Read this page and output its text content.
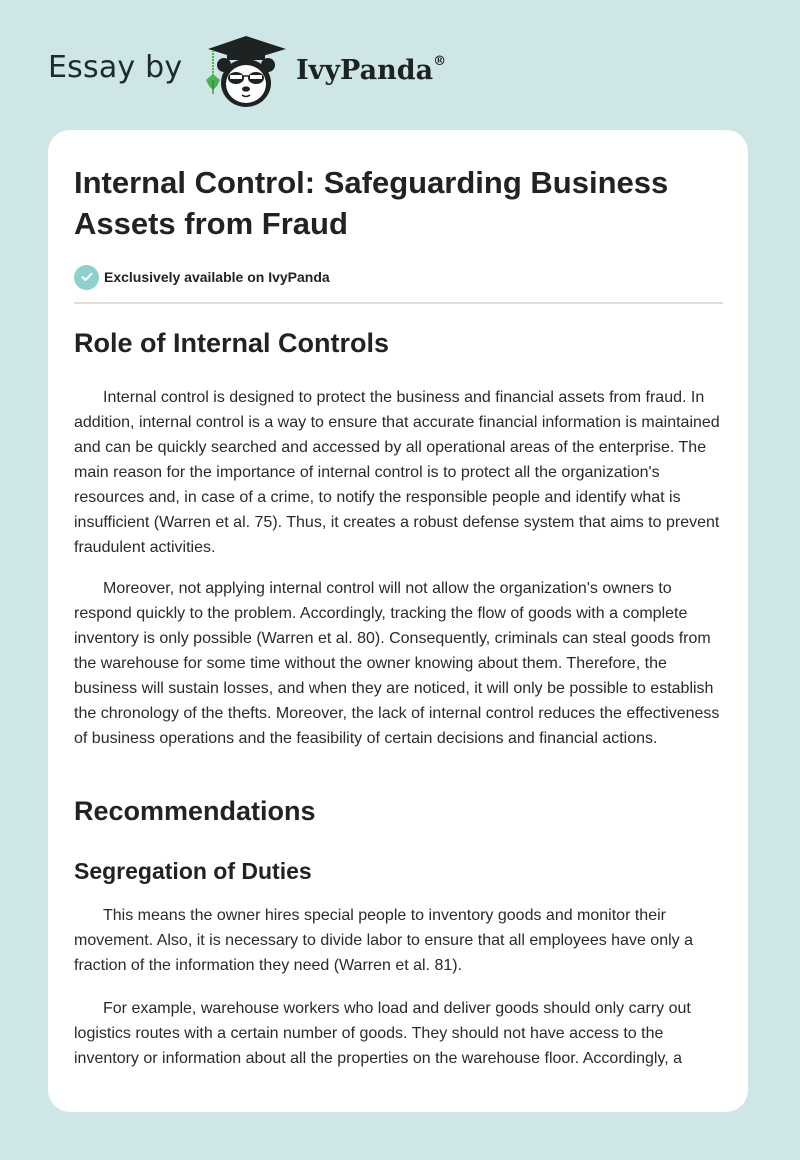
Essay by	IvyPanda®
Internal Control: Safeguarding Business Assets from Fraud
Exclusively available on IvyPanda
Role of Internal Controls

Internal control is designed to protect the business and financial assets from fraud. In addition, internal control is a way to ensure that accurate financial information is maintained and can be quickly searched and accessed by all operational areas of the enterprise. The main reason for the importance of internal control is to protect all the organization's resources and, in case of a crime, to notify the responsible people and identify what is insufficient (Warren et al. 75). Thus, it creates a robust defense system that aims to prevent fraudulent activities.

Moreover, not applying internal control will not allow the organization's owners to respond quickly to the problem. Accordingly, tracking the flow of goods with a complete inventory is only possible (Warren et al. 80). Consequently, criminals can steal goods from the warehouse for some time without the owner knowing about them. Therefore, the business will sustain losses, and when they are noticed, it will only be possible to establish the chronology of the thefts. Moreover, the lack of internal control reduces the effectiveness of business operations and the feasibility of certain decisions and financial actions.

Recommendations
Segregation of Duties

This means the owner hires special people to inventory goods and monitor their movement. Also, it is necessary to divide labor to ensure that all employees have only a fraction of the information they need (Warren et al. 81).

For example, warehouse workers who load and deliver goods should only carry out logistics routes with a certain number of goods. They should not have access to the inventory or information about all the properties on the warehouse floor. Accordingly, a
